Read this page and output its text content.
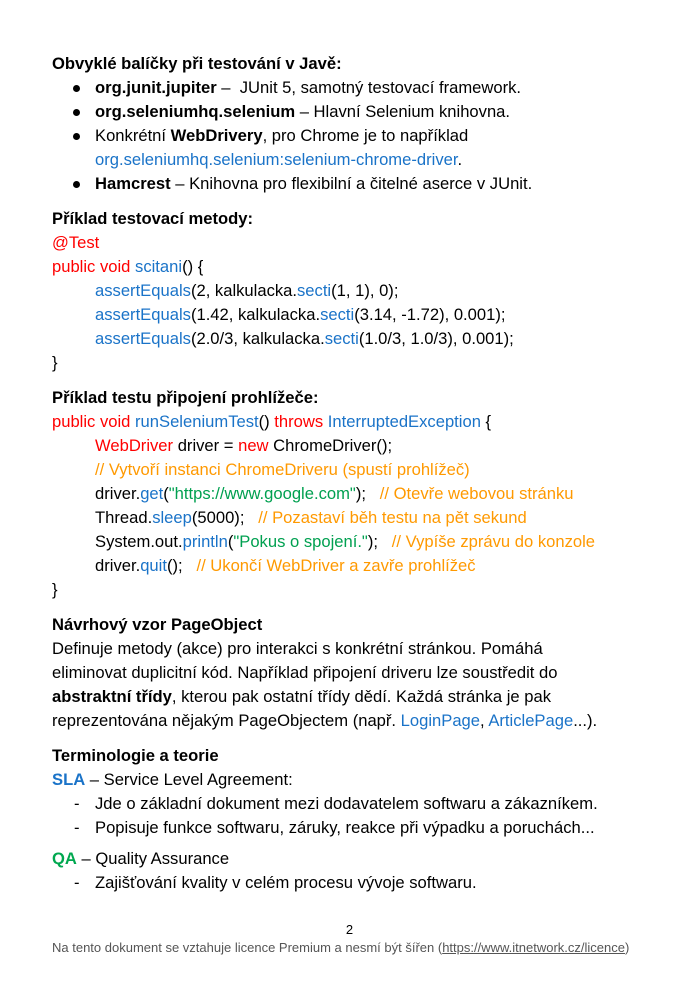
Obvyklé balíčky při testování v Javě:
org.junit.jupiter –  JUnit 5, samotný testovací framework.
org.seleniumhq.selenium – Hlavní Selenium knihovna.
Konkrétní WebDrivery, pro Chrome je to například
org.seleniumhq.selenium:selenium-chrome-driver.
Hamcrest – Knihovna pro flexibilní a čitelné aserce v JUnit.
Příklad testovací metody:
@Test
public void scitani() {
assertEquals(2, kalkulacka.secti(1, 1), 0);
assertEquals(1.42, kalkulacka.secti(3.14, -1.72), 0.001);
assertEquals(2.0/3, kalkulacka.secti(1.0/3, 1.0/3), 0.001);
}
Příklad testu připojení prohlížeče:
public void runSeleniumTest() throws InterruptedException {
WebDriver driver = new ChromeDriver();
// Vytvoří instanci ChromeDriveru (spustí prohlížeč)
driver.get("https://www.google.com");   // Otevře webovou stránku
Thread.sleep(5000);   // Pozastaví běh testu na pět sekund
System.out.println("Pokus o spojení.");   // Vypíše zprávu do konzole
driver.quit();   // Ukončí WebDriver a zavře prohlížeč
}
Návrhový vzor PageObject
Definuje metody (akce) pro interakci s konkrétní stránkou. Pomáhá
eliminovat duplicitní kód. Například připojení driveru lze soustředit do
abstraktní třídy, kterou pak ostatní třídy dědí. Každá stránka je pak
reprezentována nějakým PageObjectem (např. LoginPage, ArticlePage...).
Terminologie a teorie
SLA – Service Level Agreement:
- Jde o základní dokument mezi dodavatelem softwaru a zákazníkem.
- Popisuje funkce softwaru, záruky, reakce při výpadku a poruchách...
QA – Quality Assurance
- Zajišťování kvality v celém procesu vývoje softwaru.
2
Na tento dokument se vztahuje licence Premium a nesmí být šířen (https://www.itnetwork.cz/licence)
